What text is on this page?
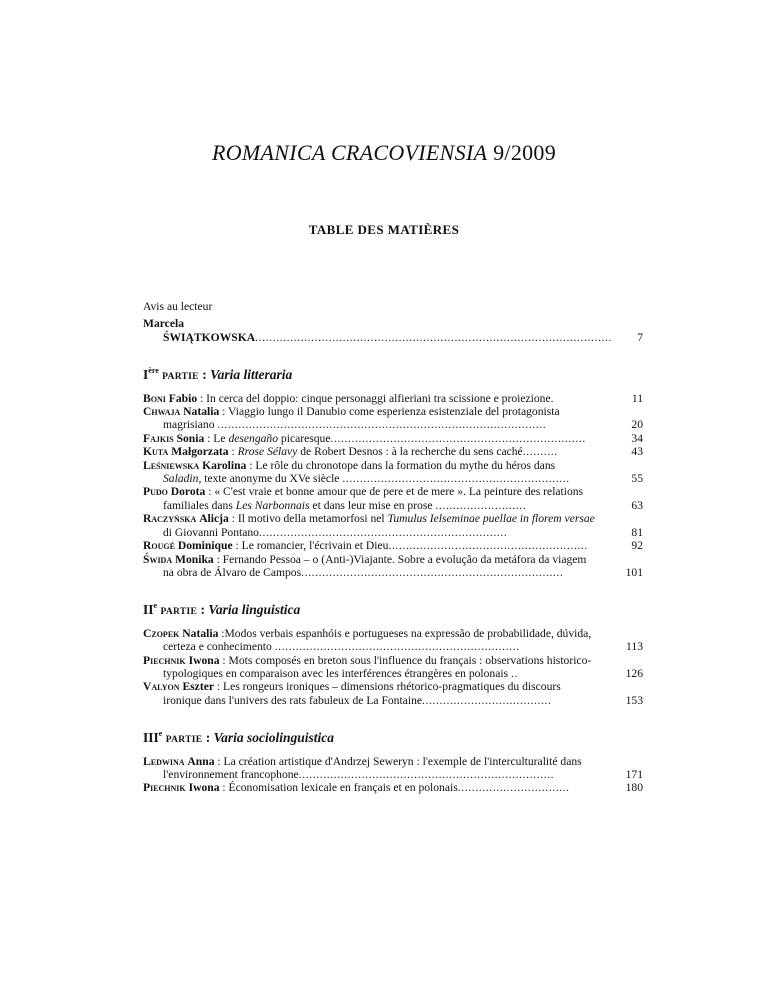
ROMANICA CRACOVIENSIA 9/2009
TABLE DES MATIÈRES
Avis au lecteur

Marcela ŚWIĄTKOWSKA......................................................................................................	7

Ière PARTIE : Varia litteraria

Boni Fabio : In cerca del doppio: cinque personaggi alfieriani tra scissione e proiezione.	11

Chwaja Natalia : Viaggio lungo il Danubio come esperienza esistenziale del protagonista magrisiano ..............................................................................................	20

Fajkis Sonia : Le desengaño picaresque.........................................................................	34

Kuta Małgorzata : Rrose Sélavy de Robert Desnos : à la recherche du sens caché..........	43

Leśniewska Karolina : Le rôle du chronotope dans la formation du mythe du héros dans Saladin, texte anonyme du XVe siècle .................................................................	55

Pudo Dorota : « C'est vraie et bonne amour que de pere et de mere ». La peinture des relations familiales dans Les Narbonnais et dans leur mise en prose ..........................	63

Raczyńska Alicja : Il motivo della metamorfosi nel Tumulus Ielseminae puellae in florem versae di Giovanni Pontano.......................................................................	81

Rougé Dominique : Le romancier, l'écrivain et Dieu.........................................................	92

Świda Monika : Fernando Pessoa – o (Anti-)Viajante. Sobre a evolução da metáfora da viagem na obra de Álvaro de Campos...........................................................................	101

IIe PARTIE : Varia linguistica

Czopek Natalia :Modos verbais espanhóis e portugueses na expressão de probabilidade, dúvida, certeza e conhecimento ......................................................................	113

Piechnik Iwona : Mots composés en breton sous l'influence du français : observations historico-typologiques en comparaison avec les interférences étrangères en polonais ..	126

Valyon Eszter : Les rongeurs ironiques – dimensions rhétorico-pragmatiques du discours ironique dans l'univers des rats fabuleux de La Fontaine.....................................	153

IIIe PARTIE : Varia sociolinguistica

Ledwina Anna : La création artistique d'Andrzej Seweryn : l'exemple de l'interculturalité dans l'environnement francophone.........................................................................	171

Piechnik Iwona : Économisation lexicale en français et en polonais................................	180
